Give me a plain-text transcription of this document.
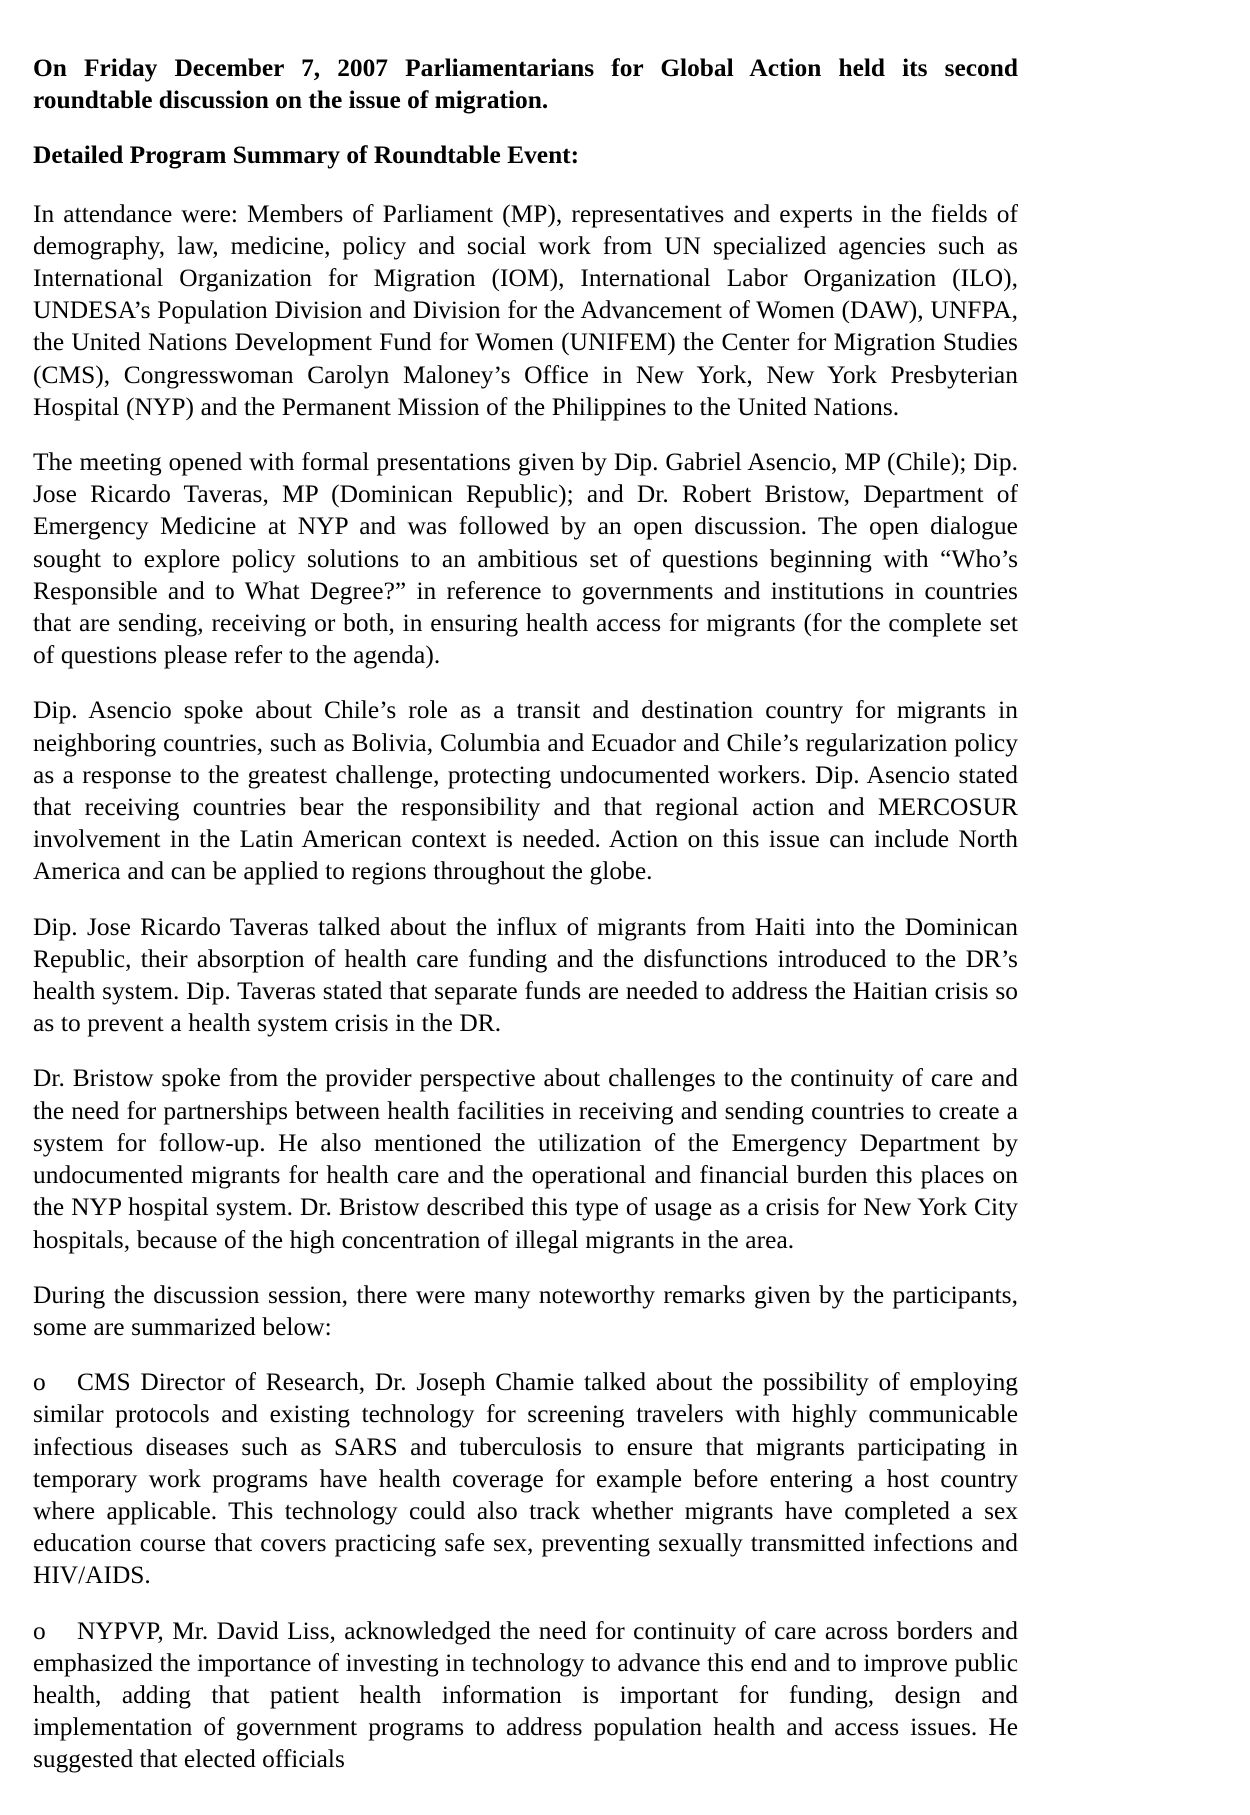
On Friday December 7, 2007 Parliamentarians for Global Action held its second roundtable discussion on the issue of migration.

Detailed Program Summary of Roundtable Event:

In attendance were: Members of Parliament (MP), representatives and experts in the fields of demography, law, medicine, policy and social work from UN specialized agencies such as International Organization for Migration (IOM), International Labor Organization (ILO), UNDESA’s Population Division and Division for the Advancement of Women (DAW), UNFPA, the United Nations Development Fund for Women (UNIFEM) the Center for Migration Studies (CMS), Congresswoman Carolyn Maloney’s Office in New York, New York Presbyterian Hospital (NYP) and the Permanent Mission of the Philippines to the United Nations.

The meeting opened with formal presentations given by Dip. Gabriel Asencio, MP (Chile); Dip. Jose Ricardo Taveras, MP (Dominican Republic); and Dr. Robert Bristow, Department of Emergency Medicine at NYP and was followed by an open discussion. The open dialogue sought to explore policy solutions to an ambitious set of questions beginning with “Who’s Responsible and to What Degree?” in reference to governments and institutions in countries that are sending, receiving or both, in ensuring health access for migrants (for the complete set of questions please refer to the agenda).

Dip. Asencio spoke about Chile’s role as a transit and destination country for migrants in neighboring countries, such as Bolivia, Columbia and Ecuador and Chile’s regularization policy as a response to the greatest challenge, protecting undocumented workers. Dip. Asencio stated that receiving countries bear the responsibility and that regional action and MERCOSUR involvement in the Latin American context is needed. Action on this issue can include North America and can be applied to regions throughout the globe.

Dip. Jose Ricardo Taveras talked about the influx of migrants from Haiti into the Dominican Republic, their absorption of health care funding and the disfunctions introduced to the DR’s health system. Dip. Taveras stated that separate funds are needed to address the Haitian crisis so as to prevent a health system crisis in the DR.

Dr. Bristow spoke from the provider perspective about challenges to the continuity of care and the need for partnerships between health facilities in receiving and sending countries to create a system for follow-up. He also mentioned the utilization of the Emergency Department by undocumented migrants for health care and the operational and financial burden this places on the NYP hospital system. Dr. Bristow described this type of usage as a crisis for New York City hospitals, because of the high concentration of illegal migrants in the area.

During the discussion session, there were many noteworthy remarks given by the participants, some are summarized below:

o CMS Director of Research, Dr. Joseph Chamie talked about the possibility of employing similar protocols and existing technology for screening travelers with highly communicable infectious diseases such as SARS and tuberculosis to ensure that migrants participating in temporary work programs have health coverage for example before entering a host country where applicable. This technology could also track whether migrants have completed a sex education course that covers practicing safe sex, preventing sexually transmitted infections and HIV/AIDS.

o NYPVP, Mr. David Liss, acknowledged the need for continuity of care across borders and emphasized the importance of investing in technology to advance this end and to improve public health, adding that patient health information is important for funding, design and implementation of government programs to address population health and access issues. He suggested that elected officials
